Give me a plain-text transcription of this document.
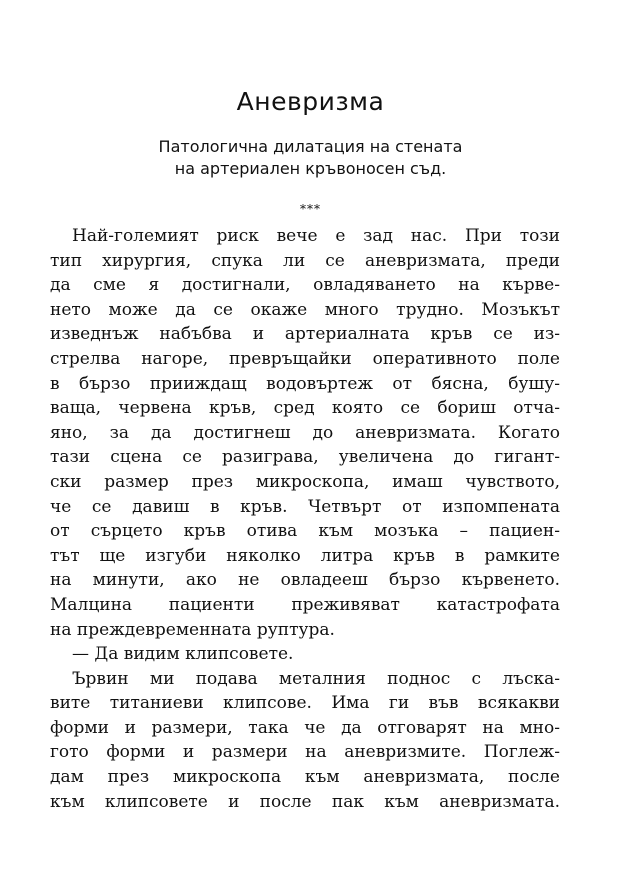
Аневризма
Патологична дилатация на стената
на артериален кръвоносен съд.
***
Най-големият риск вече е зад нас. При този
тип хирургия, спука ли се аневризмата, преди
да сме я достигнали, овладяването на кърве-
нето може да се окаже много трудно. Мозъкът
изведнъж набъбва и артериалната кръв се из-
стрелва нагоре, превръщайки оперативното поле
в бързо прииждащ водовъртеж от бясна, бушу-
ваща, червена кръв, сред която се бориш отча-
яно, за да достигнеш до аневризмата. Когато
тази сцена се разиграва, увеличена до гигант-
ски размер през микроскопа, имаш чувството,
че се давиш в кръв. Четвърт от изпомпената
от сърцето кръв отива към мозъка – пациен-
тът ще изгуби няколко литра кръв в рамките
на минути, ако не овладееш бързо кървенето.
Малцина пациенти преживяват катастрофата
на преждевременната руптура.
— Да видим клипсовете.
Ървин ми подава металния поднос с лъска-
вите титаниеви клипсове. Има ги във всякакви
форми и размери, така че да отговарят на мно-
гото форми и размери на аневризмите. Поглеж-
дам през микроскопа към аневризмата, после
към клипсовете и после пак към аневризмата.
